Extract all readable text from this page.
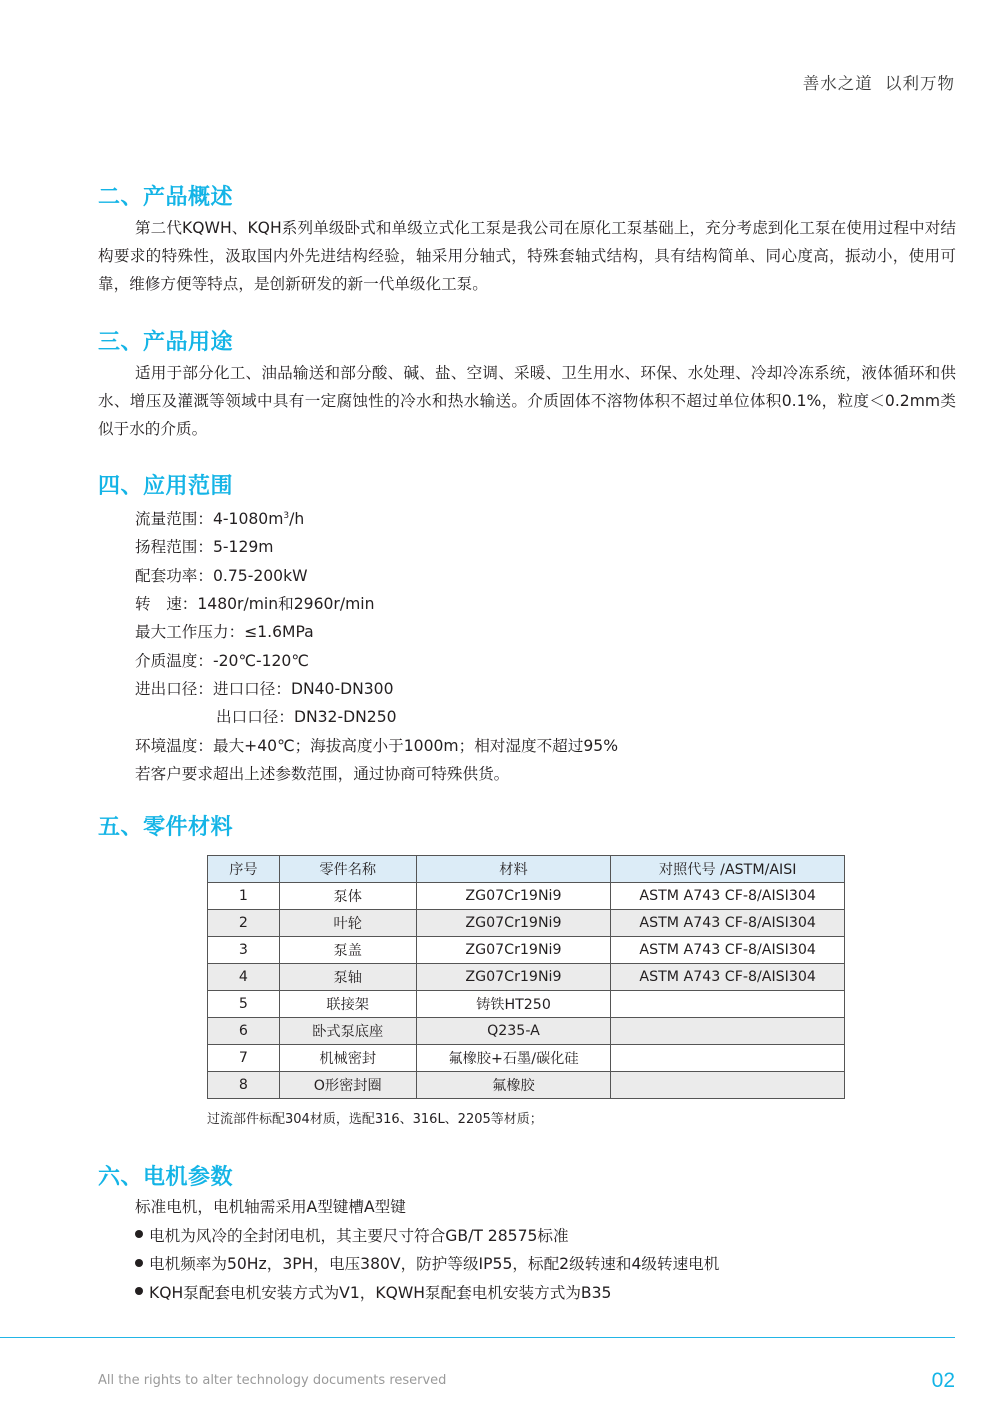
善水之道 以利万物
二、产品概述
第二代KQWH、KQH系列单级卧式和单级立式化工泵是我公司在原化工泵基础上，充分考虑到化工泵在使用过程中对结构要求的特殊性，汲取国内外先进结构经验，轴采用分轴式，特殊套轴式结构，具有结构简单、同心度高，振动小，使用可靠，维修方便等特点，是创新研发的新一代单级化工泵。
三、产品用途
适用于部分化工、油品输送和部分酸、碱、盐、空调、采暖、卫生用水、环保、水处理、冷却冷冻系统，液体循环和供水、增压及灌溉等领域中具有一定腐蚀性的冷水和热水输送。介质固体不溶物体积不超过单位体积0.1%，粒度＜0.2mm类似于水的介质。
四、应用范围
流量范围：$4-1080m^3/h$
扬程范围：5-129m
配套功率：0.75-200kW
转　速：1480r/min和2960r/min
最大工作压力：≤1.6MPa
介质温度：-20℃-120℃
进出口径：进口口径：DN40-DN300
出口口径：DN32-DN250
环境温度：最大+40℃；海拔高度小于1000m；相对湿度不超过95%
若客户要求超出上述参数范围，通过协商可特殊供货。
五、零件材料
序号	零件名称	材料	对照代号 /ASTM/AISI
1	泵体	ZG07Cr19Ni9	ASTM A743 CF-8/AISI304
2	叶轮	ZG07Cr19Ni9	ASTM A743 CF-8/AISI304
3	泵盖	ZG07Cr19Ni9	ASTM A743 CF-8/AISI304
4	泵轴	ZG07Cr19Ni9	ASTM A743 CF-8/AISI304
5	联接架	铸铁HT250	
6	卧式泵底座	Q235-A	
7	机械密封	氟橡胶+石墨/碳化硅	
8	O形密封圈	氟橡胶	
过流部件标配304材质，选配316、316L、2205等材质；
六、电机参数
标准电机，电机轴需采用A型键槽A型键
电机为风冷的全封闭电机，其主要尺寸符合GB/T 28575标准
电机频率为50Hz，3PH，电压380V，防护等级IP55，标配2级转速和4级转速电机
KQH泵配套电机安装方式为V1，KQWH泵配套电机安装方式为B35
All the rights to alter technology documents reserved	02
